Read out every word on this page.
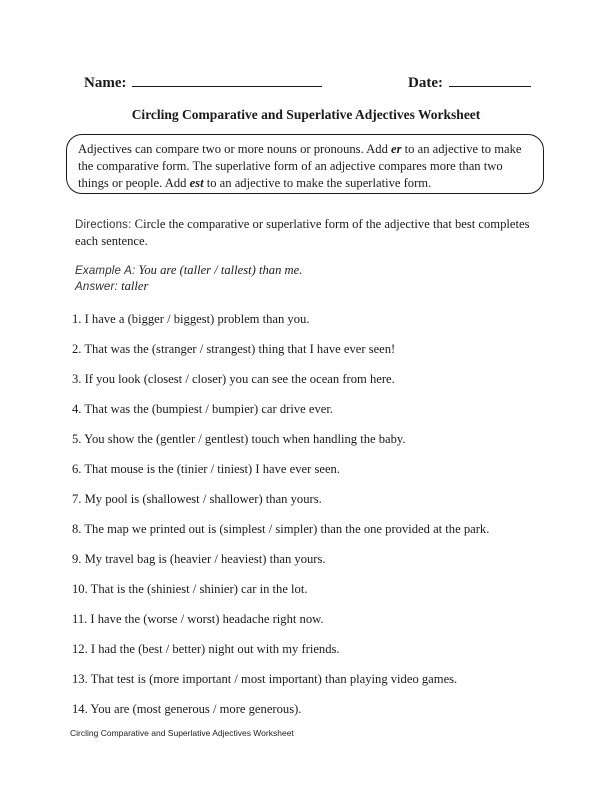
Name:	Date:
Circling Comparative and Superlative Adjectives Worksheet
Adjectives can compare two or more nouns or pronouns. Add er to an adjective to make the comparative form. The superlative form of an adjective compares more than two things or people. Add est to an adjective to make the superlative form.
Directions: Circle the comparative or superlative form of the adjective that best completes each sentence.
Example A: You are (taller / tallest) than me.
Answer: taller
1. I have a (bigger / biggest) problem than you.
2. That was the (stranger / strangest) thing that I have ever seen!
3. If you look (closest / closer) you can see the ocean from here.
4. That was the (bumpiest / bumpier) car drive ever.
5. You show the (gentler / gentlest) touch when handling the baby.
6. That mouse is the (tinier / tiniest) I have ever seen.
7. My pool is (shallowest / shallower) than yours.
8. The map we printed out is (simplest / simpler) than the one provided at the park.
9. My travel bag is (heavier / heaviest) than yours.
10. That is the (shiniest / shinier) car in the lot.
11. I have the (worse / worst) headache right now.
12. I had the (best / better) night out with my friends.
13. That test is (more important / most important) than playing video games.
14. You are (most generous / more generous).
Circling Comparative and Superlative Adjectives Worksheet
